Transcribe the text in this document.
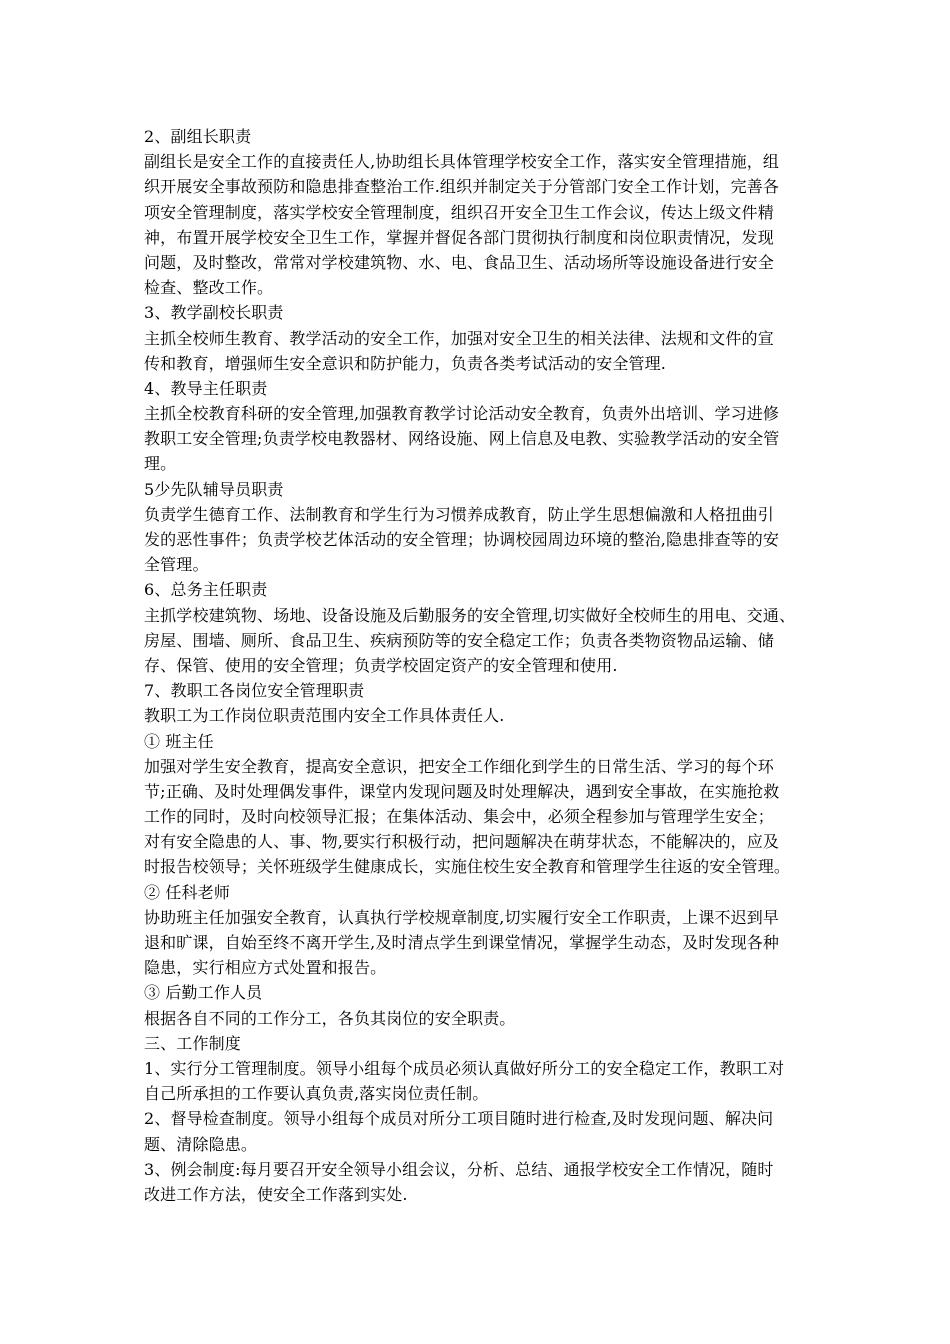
2、副组长职责
副组长是安全工作的直接责任人,协助组长具体管理学校安全工作，落实安全管理措施，组
织开展安全事故预防和隐患排查整治工作.组织并制定关于分管部门安全工作计划，完善各
项安全管理制度，落实学校安全管理制度，组织召开安全卫生工作会议，传达上级文件精
神，布置开展学校安全卫生工作，掌握并督促各部门贯彻执行制度和岗位职责情况，发现
问题，及时整改，常常对学校建筑物、水、电、食品卫生、活动场所等设施设备进行安全
检查、整改工作。
3、教学副校长职责
主抓全校师生教育、教学活动的安全工作，加强对安全卫生的相关法律、法规和文件的宣
传和教育，增强师生安全意识和防护能力，负责各类考试活动的安全管理.
4、教导主任职责
主抓全校教育科研的安全管理,加强教育教学讨论活动安全教育，负责外出培训、学习进修
教职工安全管理;负责学校电教器材、网络设施、网上信息及电教、实验教学活动的安全管
理。
5少先队辅导员职责
负责学生德育工作、法制教育和学生行为习惯养成教育，防止学生思想偏激和人格扭曲引
发的恶性事件；负责学校艺体活动的安全管理；协调校园周边环境的整治,隐患排查等的安
全管理。
6、总务主任职责
主抓学校建筑物、场地、设备设施及后勤服务的安全管理,切实做好全校师生的用电、交通、
房屋、围墙、厕所、食品卫生、疾病预防等的安全稳定工作；负责各类物资物品运输、储
存、保管、使用的安全管理；负责学校固定资产的安全管理和使用.
7、教职工各岗位安全管理职责
教职工为工作岗位职责范围内安全工作具体责任人.
① 班主任
加强对学生安全教育，提高安全意识，把安全工作细化到学生的日常生活、学习的每个环
节;正确、及时处理偶发事件，课堂内发现问题及时处理解决，遇到安全事故，在实施抢救
工作的同时，及时向校领导汇报；在集体活动、集会中，必须全程参加与管理学生安全；
对有安全隐患的人、事、物,要实行积极行动，把问题解决在萌芽状态，不能解决的，应及
时报告校领导；关怀班级学生健康成长，实施住校生安全教育和管理学生往返的安全管理。
② 任科老师
协助班主任加强安全教育，认真执行学校规章制度,切实履行安全工作职责，上课不迟到早
退和旷课，自始至终不离开学生,及时清点学生到课堂情况，掌握学生动态，及时发现各种
隐患，实行相应方式处置和报告。
③ 后勤工作人员
根据各自不同的工作分工，各负其岗位的安全职责。
三、工作制度
1、实行分工管理制度。领导小组每个成员必须认真做好所分工的安全稳定工作，教职工对
自己所承担的工作要认真负责,落实岗位责任制。
2、督导检查制度。领导小组每个成员对所分工项目随时进行检查,及时发现问题、解决问
题、清除隐患。
3、例会制度:每月要召开安全领导小组会议，分析、总结、通报学校安全工作情况，随时
改进工作方法，使安全工作落到实处.
